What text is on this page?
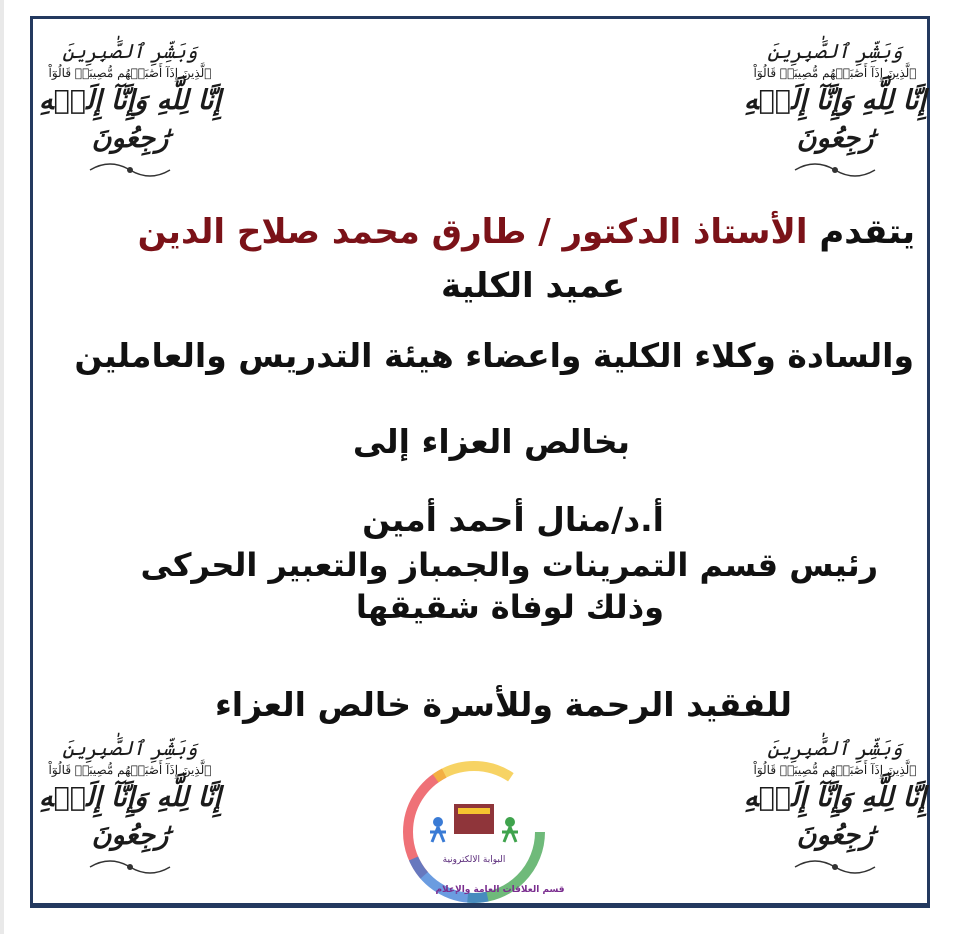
وَبَشِّرِ ٱلصَّٰبِرِينَ
ٱلَّذِينَ إِذَآ أَصَٰبَتۡهُم مُّصِيبَةٞ قَالُوٓاْ
إِنَّا لِلَّهِ وَإِنَّآ إِلَيۡهِ رَٰجِعُونَ
وَبَشِّرِ ٱلصَّٰبِرِينَ
ٱلَّذِينَ إِذَآ أَصَٰبَتۡهُم مُّصِيبَةٞ قَالُوٓاْ
إِنَّا لِلَّهِ وَإِنَّآ إِلَيۡهِ رَٰجِعُونَ
وَبَشِّرِ ٱلصَّٰبِرِينَ
ٱلَّذِينَ إِذَآ أَصَٰبَتۡهُم مُّصِيبَةٞ قَالُوٓاْ
إِنَّا لِلَّهِ وَإِنَّآ إِلَيۡهِ رَٰجِعُونَ
وَبَشِّرِ ٱلصَّٰبِرِينَ
ٱلَّذِينَ إِذَآ أَصَٰبَتۡهُم مُّصِيبَةٞ قَالُوٓاْ
إِنَّا لِلَّهِ وَإِنَّآ إِلَيۡهِ رَٰجِعُونَ
يتقدم الأستاذ الدكتور / طارق محمد صلاح الدين
عميد الكلية
والسادة وكلاء الكلية واعضاء هيئة التدريس والعاملين
بخالص العزاء إلى
أ.د/منال أحمد أمين
رئيس قسم التمرينات والجمباز والتعبير الحركى
وذلك لوفاة شقيقها
للفقيد الرحمة وللأسرة خالص العزاء
البوابة الالكترونية
قسم العلاقات العامة والإعلام
